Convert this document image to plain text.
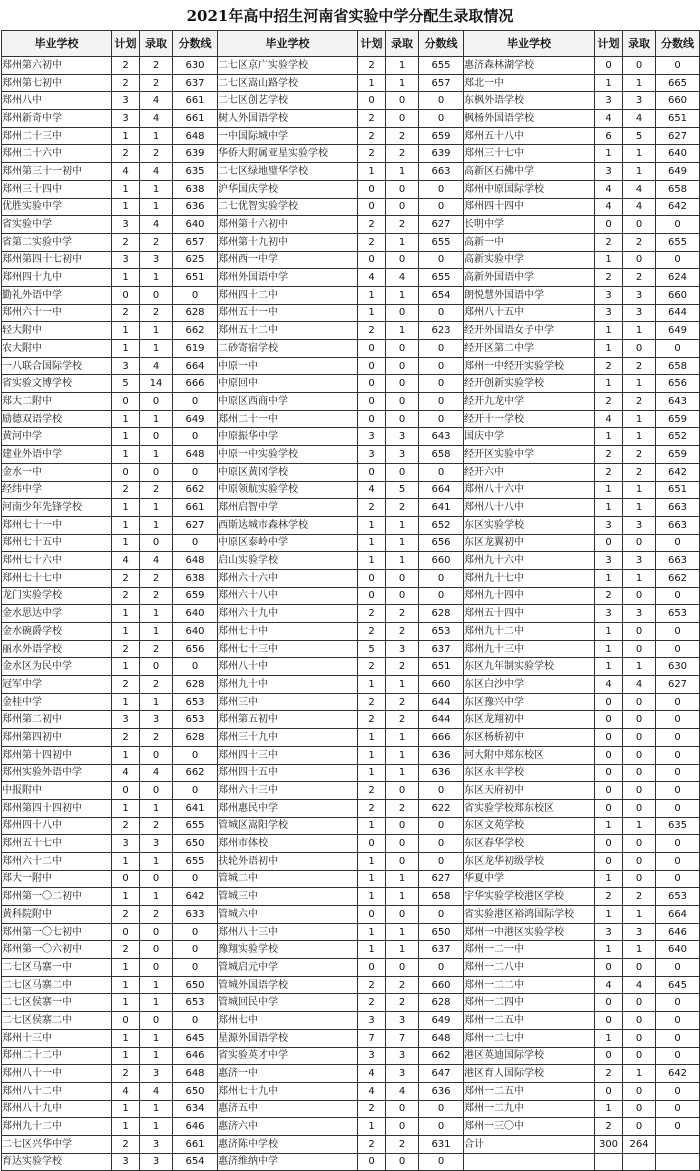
2021年高中招生河南省实验中学分配生录取情况
毕业学校	计划	录取	分数线	毕业学校	计划	录取	分数线	毕业学校	计划	录取	分数线
郑州第六初中	2	2	630	二七区京广实验学校	2	1	655	惠济森林湖学校	0	0	0
郑州第七初中	2	2	637	二七区嵩山路学校	1	1	657	郑北一中	1	1	665
郑州八中	3	4	661	二七区创艺学校	0	0	0	东枫外语学校	3	3	660
郑州新奇中学	3	4	661	树人外国语学校	2	0	0	枫杨外国语学校	4	4	651
郑州二十三中	1	1	648	一中国际城中学	2	2	659	郑州五十八中	6	5	627
郑州二十六中	2	2	639	华侨大附属亚星实验学校	2	2	639	郑州三十七中	1	1	640
郑州第三十一初中	4	4	635	二七区绿地璧华学校	1	1	663	高新区石佛中学	3	1	649
郑州三十四中	1	1	638	沪华国庆学校	0	0	0	郑州中原国际学校	4	4	658
优胜实验中学	1	1	636	二七优智实验学校	0	0	0	郑州四十四中	4	4	642
省实验中学	3	4	640	郑州第十六初中	2	2	627	长明中学	0	0	0
省第二实验中学	2	2	657	郑州第十九初中	2	1	655	高新一中	2	2	655
郑州第四十七初中	3	3	625	郑州西一中学	0	0	0	高新实验中学	1	0	0
郑州四十九中	1	1	651	郑州外国语中学	4	4	655	高新外国语中学	2	2	624
勤礼外语中学	0	0	0	郑州四十二中	1	1	654	朗悦慧外国语中学	3	3	660
郑州六十一中	2	2	628	郑州五十一中	1	0	0	郑州八十五中	3	3	644
轻大附中	1	1	662	郑州五十二中	2	1	623	经开外国语女子中学	1	1	649
农大附中	1	1	619	二砂寄宿学校	0	0	0	经开区第二中学	1	0	0
一八联合国际学校	3	4	664	中原一中	0	0	0	郑州一中经开实验学校	2	2	658
省实验文博学校	5	14	666	中原回中	0	0	0	经开创新实验学校	1	1	656
郑大二附中	0	0	0	中原区西商中学	0	0	0	经开九龙中学	2	2	643
励德双语学校	1	1	649	郑州二十一中	0	0	0	经开十一学校	4	1	659
黄河中学	1	0	0	中原振华中学	3	3	643	国庆中学	1	1	652
建业外语中学	1	1	648	中原一中实验学校	3	3	658	经开区实验中学	2	2	659
金水一中	0	0	0	中原区黄冈学校	0	0	0	经开六中	2	2	642
经纬中学	2	2	662	中原领航实验学校	4	5	664	郑州八十六中	1	1	651
河南少年先锋学校	1	1	661	郑州启智中学	2	2	641	郑州八十八中	1	1	663
郑州七十一中	1	1	627	西斯达城市森林学校	1	1	652	东区实验学校	3	3	663
郑州七十五中	1	0	0	中原区泰岭中学	1	1	656	东区龙翼初中	0	0	0
郑州七十六中	4	4	648	启山实验学校	1	1	660	郑州九十六中	3	3	663
郑州七十七中	2	2	638	郑州六十六中	0	0	0	郑州九十七中	1	1	662
龙门实验学校	2	2	659	郑州六十八中	0	0	0	郑州九十四中	2	0	0
金水思达中学	1	1	640	郑州六十九中	2	2	628	郑州五十四中	3	3	653
金水碗爵学校	1	1	640	郑州七十中	2	2	653	郑州九十二中	1	0	0
丽水外语学校	2	2	656	郑州七十三中	5	3	637	郑州九十三中	1	0	0
金水区为民中学	1	0	0	郑州八十中	2	2	651	东区九年制实验学校	1	1	630
冠军中学	2	2	628	郑州九十中	1	1	660	东区白沙中学	4	4	627
金桂中学	1	1	653	郑州三中	2	2	644	东区豫兴中学	0	0	0
郑州第二初中	3	3	653	郑州第五初中	2	2	644	东区龙翔初中	0	0	0
郑州第四初中	2	2	628	郑州三十九中	1	1	666	东区杨桥初中	0	0	0
郑州第十四初中	1	0	0	郑州四十三中	1	1	636	河大附中郑东校区	0	0	0
郑州实验外语中学	4	4	662	郑州四十五中	1	1	636	东区永丰学校	0	0	0
中报附中	0	0	0	郑州六十三中	2	0	0	东区天府初中	0	0	0
郑州第四十四初中	1	1	641	郑州惠民中学	2	2	622	省实验学校郑东校区	0	0	0
郑州四十八中	2	2	655	管城区嵩阳学校	1	0	0	东区文苑学校	1	1	635
郑州五十七中	3	3	650	郑州市体校	0	0	0	东区春华学校	0	0	0
郑州六十二中	1	1	655	扶轮外语初中	1	0	0	东区龙华初级学校	0	0	0
郑大一附中	0	0	0	管城二中	1	1	627	华夏中学	1	0	0
郑州第一〇二初中	1	1	642	管城三中	1	1	658	宇华实验学校港区学校	2	2	653
黄科院附中	2	2	633	管城六中	0	0	0	省实验港区裕鸿国际学校	1	1	664
郑州第一〇七初中	0	0	0	郑州八十三中	1	1	650	郑州一中港区实验学校	3	3	646
郑州第一〇六初中	2	0	0	豫翔实验学校	1	1	637	郑州一二一中	1	1	640
二七区马寨一中	1	0	0	管城启元中学	0	0	0	郑州一二八中	0	0	0
二七区马寨二中	1	1	650	管城外国语学校	2	2	660	郑州一二二中	4	4	645
二七区侯寨一中	1	1	653	管城回民中学	2	2	628	郑州一二四中	0	0	0
二七区侯寨二中	0	0	0	郑州七中	3	3	649	郑州一二五中	0	0	0
郑州十三中	1	1	645	星源外国语学校	7	7	648	郑州一二七中	1	0	0
郑州二十二中	1	1	646	省实验英才中学	3	3	662	港区英迪国际学校	0	0	0
郑州八十一中	2	3	648	惠济一中	4	3	647	港区育人国际学校	2	1	642
郑州八十二中	4	4	650	郑州七十九中	4	4	636	郑州一二五中	0	0	0
郑州八十九中	1	1	634	惠济五中	2	0	0	郑州一二九中	1	0	0
郑州九十二中	1	1	646	惠济六中	1	0	0	郑州一三〇中	2	0	0
二七区兴华中学	2	3	661	惠济陈中学校	2	2	631	合计	300	264	
育达实验学校	3	3	654	惠济维纳中学	0	0	0				
